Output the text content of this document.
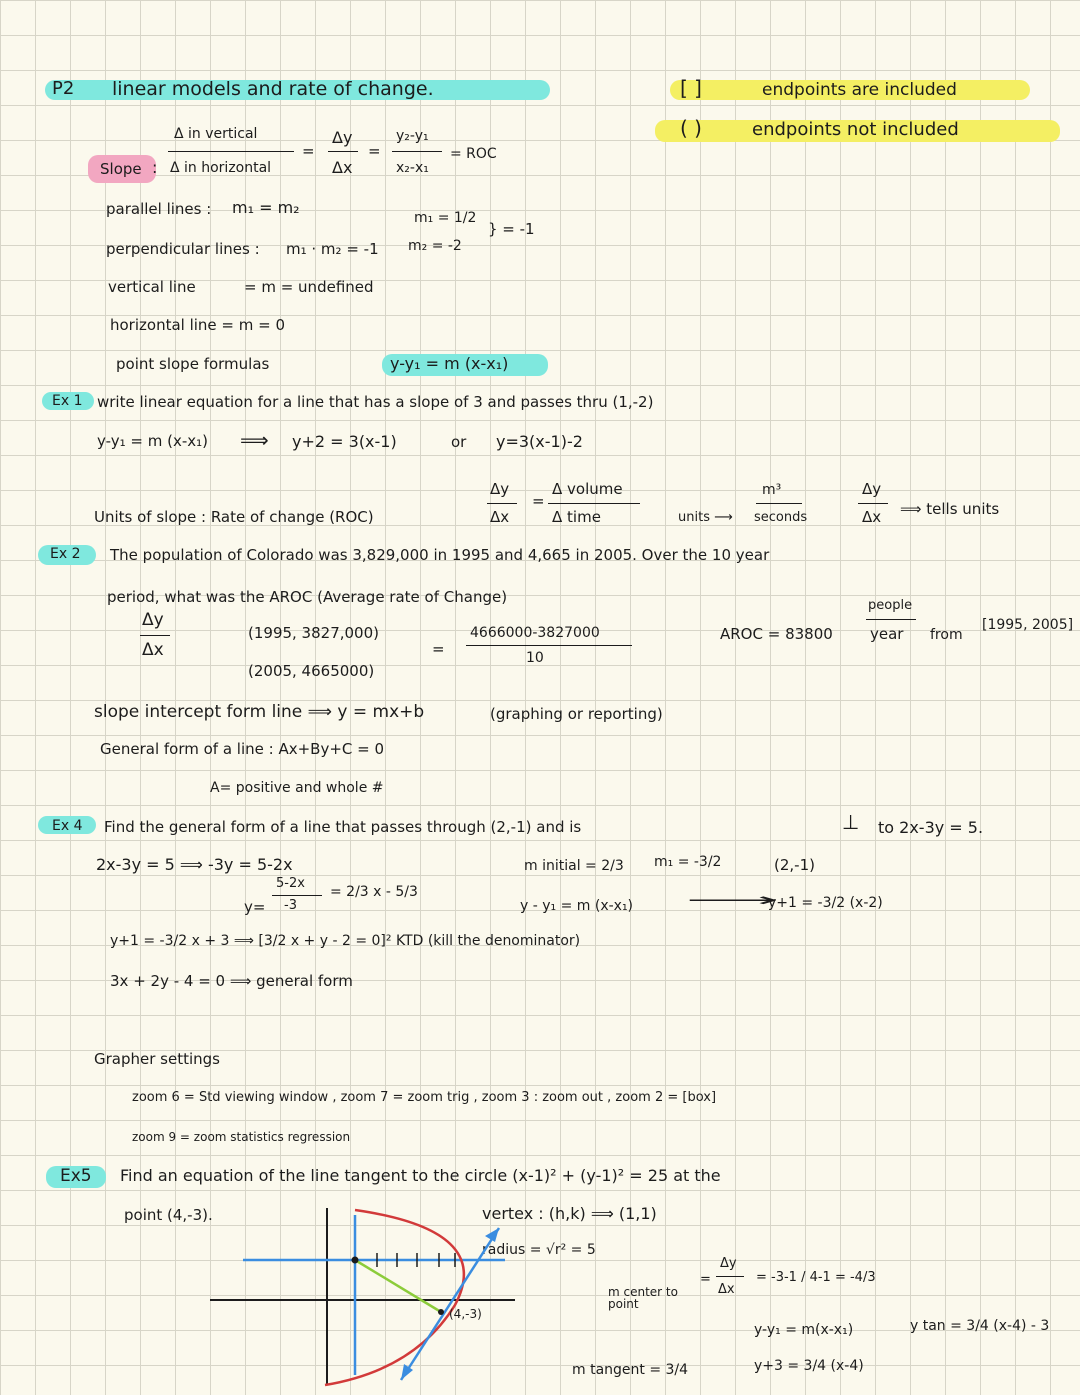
P2 linear models and rate of change.	[ ]	endpoints are included
( )	endpoints not included
Slope :
Δ in vertical
Δ in horizontal
=
Δy
Δx
=
y₂-y₁
x₂-x₁
= ROC
parallel lines : m₁ = m₂
m₁ = 1/2
} = -1
m₂ = -2
perpendicular lines : m₁ · m₂ = -1
vertical line	= m = undefined
horizontal line = m = 0
point slope formulas	y-y₁ = m (x-x₁)
Ex 1 write linear equation for a line that has a slope of 3 and passes thru (1,-2)
y-y₁ = m (x-x₁) ⟹ y+2 = 3(x-1)	or y=3(x-1)-2
Units of slope : Rate of change (ROC)
Δy
Δx
=
Δ volume
Δ time	units ⟶
m³
seconds
Δy
Δx ⟹ tells units
Ex 2 The population of Colorado was 3,829,000 in 1995 and 4,665 in 2005. Over the 10 year
period, what was the AROC (Average rate of Change)
Δy
Δx
(1995, 3827,000)
=
(2005, 4665000)
4666000-3827000
10
AROC = 83800
people
year from
[1995, 2005]
slope intercept form line ⟹ y = mx+b	(graphing or reporting)
General form of a line : Ax+By+C = 0
A= positive and whole #
Ex 4 Find the general form of a line that passes through (2,-1) and is	⊥ to 2x-3y = 5.
2x-3y = 5 ⟹ -3y = 5-2x
y=
5-2x
-3
= 2/3 x - 5/3
m initial = 2/3 m₁ = -3/2	(2,-1)
y - y₁ = m (x-x₁)	⟶
y+1 = -3/2 (x-2)
y+1 = -3/2 x + 3 ⟹ [3/2 x + y - 2 = 0]² KTD (kill the denominator)
3x + 2y - 4 = 0 ⟹ general form
Grapher settings
zoom 6 = Std viewing window , zoom 7 = zoom trig , zoom 3 : zoom out , zoom 2 = [box]
zoom 9 = zoom statistics regression
Ex5 Find an equation of the line tangent to the circle (x-1)² + (y-1)² = 25 at the
point (4,-3).	vertex : (h,k) ⟹ (1,1)
radius = √r² = 5
m center to point
=
Δy
Δx
= -3-1 / 4-1 = -4/3
y-y₁ = m(x-x₁)
y+3 = 3/4 (x-4)
y tan = 3/4 (x-4) - 3
m tangent = 3/4
(4,-3)
